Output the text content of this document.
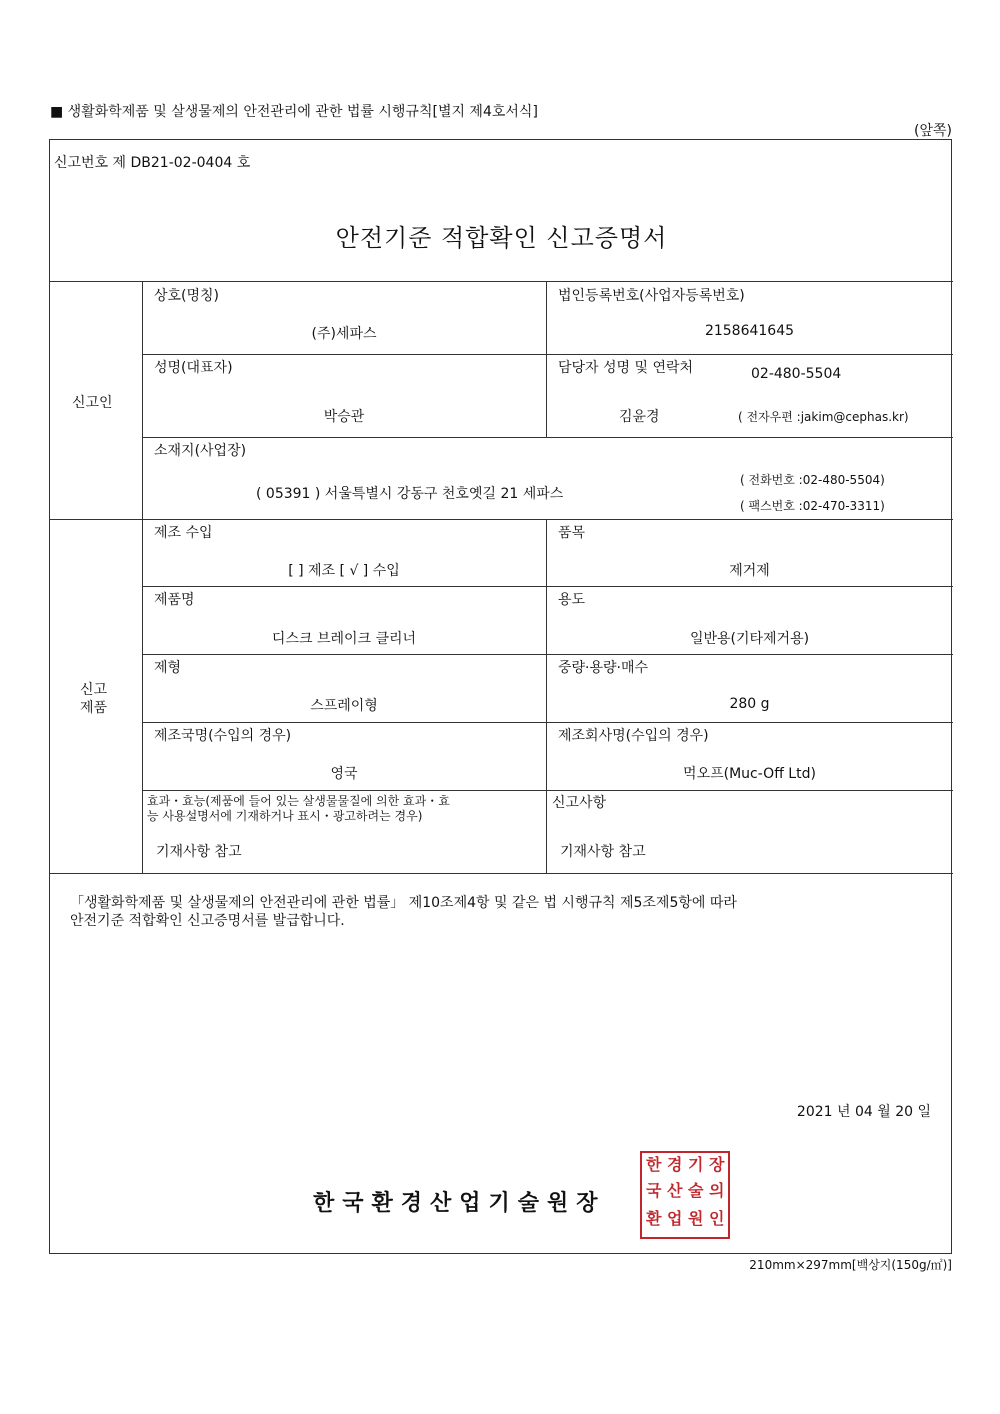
■ 생활화학제품 및 살생물제의 안전관리에 관한 법률 시행규칙[별지 제4호서식]
(앞쪽)
신고번호 제 DB21-02-0404 호
안전기준 적합확인 신고증명서
신고인
상호(명칭)
(주)세파스
법인등록번호(사업자등록번호)
2158641645
성명(대표자)
박승관
담당자 성명 및 연락처	02-480-5504
김윤경	( 전자우편 :jakim@cephas.kr)
소재지(사업장)
( 05391 ) 서울특별시 강동구 천호옛길 21 세파스
( 전화번호 :02-480-5504)
( 팩스번호 :02-470-3311)
신고
제품
제조 수입
[ ] 제조 [ √ ] 수입
품목
제거제
제품명
디스크 브레이크 클리너
용도
일반용(기타제거용)
제형
스프레이형
중량·용량·매수
280 g
제조국명(수입의 경우)
영국
제조회사명(수입의 경우)
먹오프(Muc-Off Ltd)
효과・효능(제품에 들어 있는 살생물물질에 의한 효과・효
능 사용설명서에 기재하거나 표시・광고하려는 경우)
기재사항 참고
신고사항
기재사항 참고
「생활화학제품 및 살생물제의 안전관리에 관한 법률」 제10조제4항 및 같은 법 시행규칙 제5조제5항에 따라
안전기준 적합확인 신고증명서를 발급합니다.
2021 년 04 월 20 일
한국환경산업기술원장
한
국
환
경
산
업
기
술
원
장
의
인
210mm×297mm[백상지(150g/㎡)]
